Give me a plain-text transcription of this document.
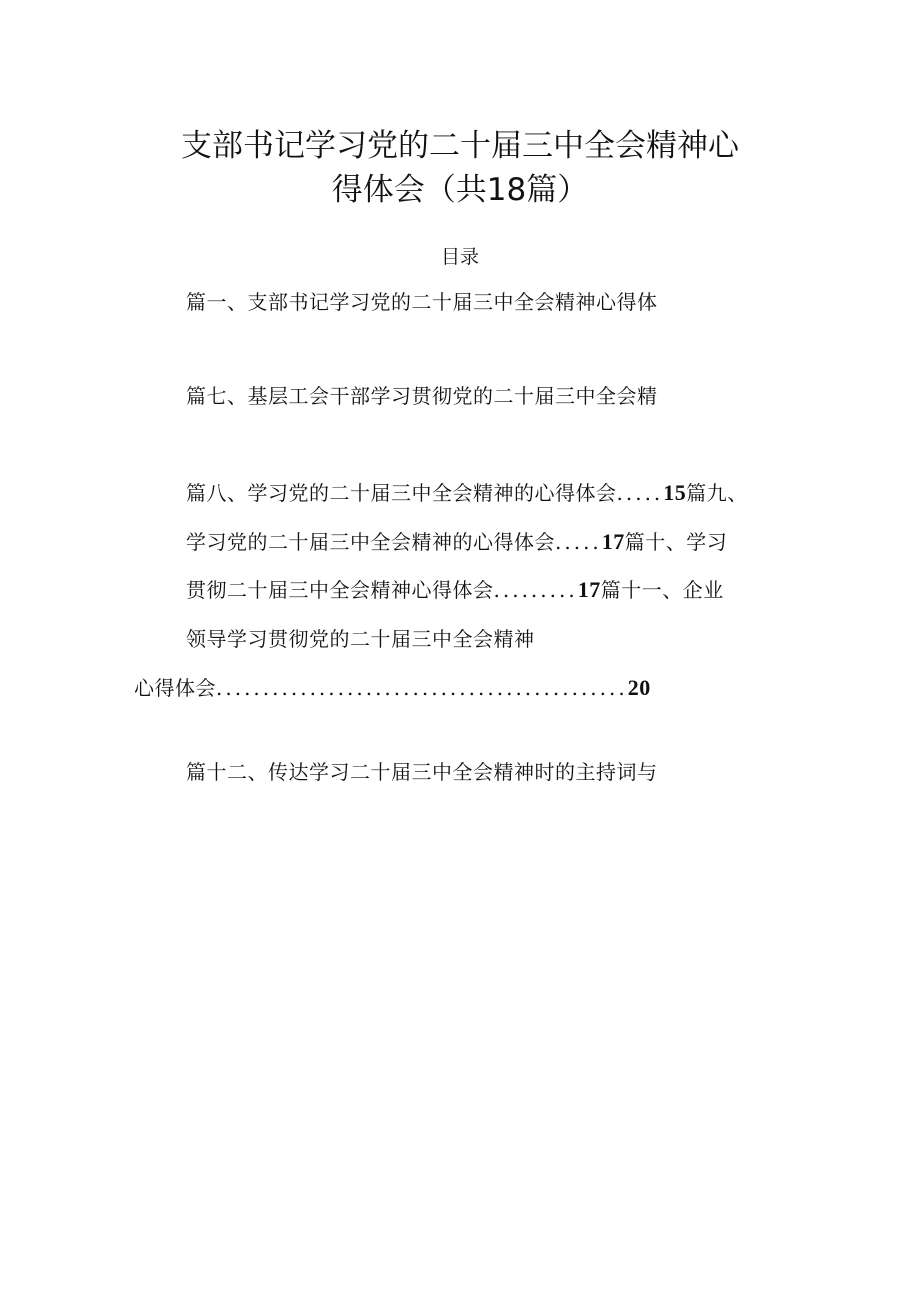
支部书记学习党的二十届三中全会精神心
得体会（共18篇）
目录
篇一、支部书记学习党的二十届三中全会精神心得体
篇七、基层工会干部学习贯彻党的二十届三中全会精
篇八、学习党的二十届三中全会精神的心得体会.....15篇九、
学习党的二十届三中全会精神的心得体会.....17篇十、学习
贯彻二十届三中全会精神心得体会.........17篇十一、企业
领导学习贯彻党的二十届三中全会精神
心得体会............................................20
篇十二、传达学习二十届三中全会精神时的主持词与
